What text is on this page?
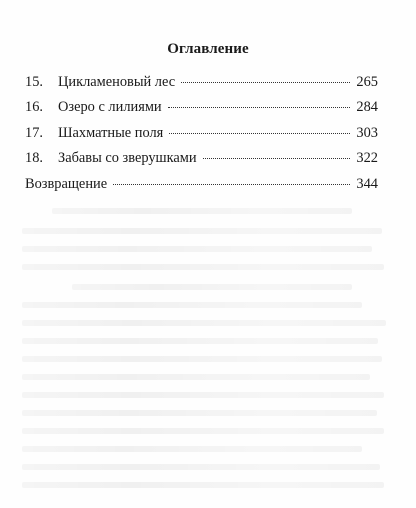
Оглавление
15.	Цикламеновый лес	265
16.	Озеро с лилиями	284
17.	Шахматные поля	303
18.	Забавы со зверушками	322
Возвращение	344
